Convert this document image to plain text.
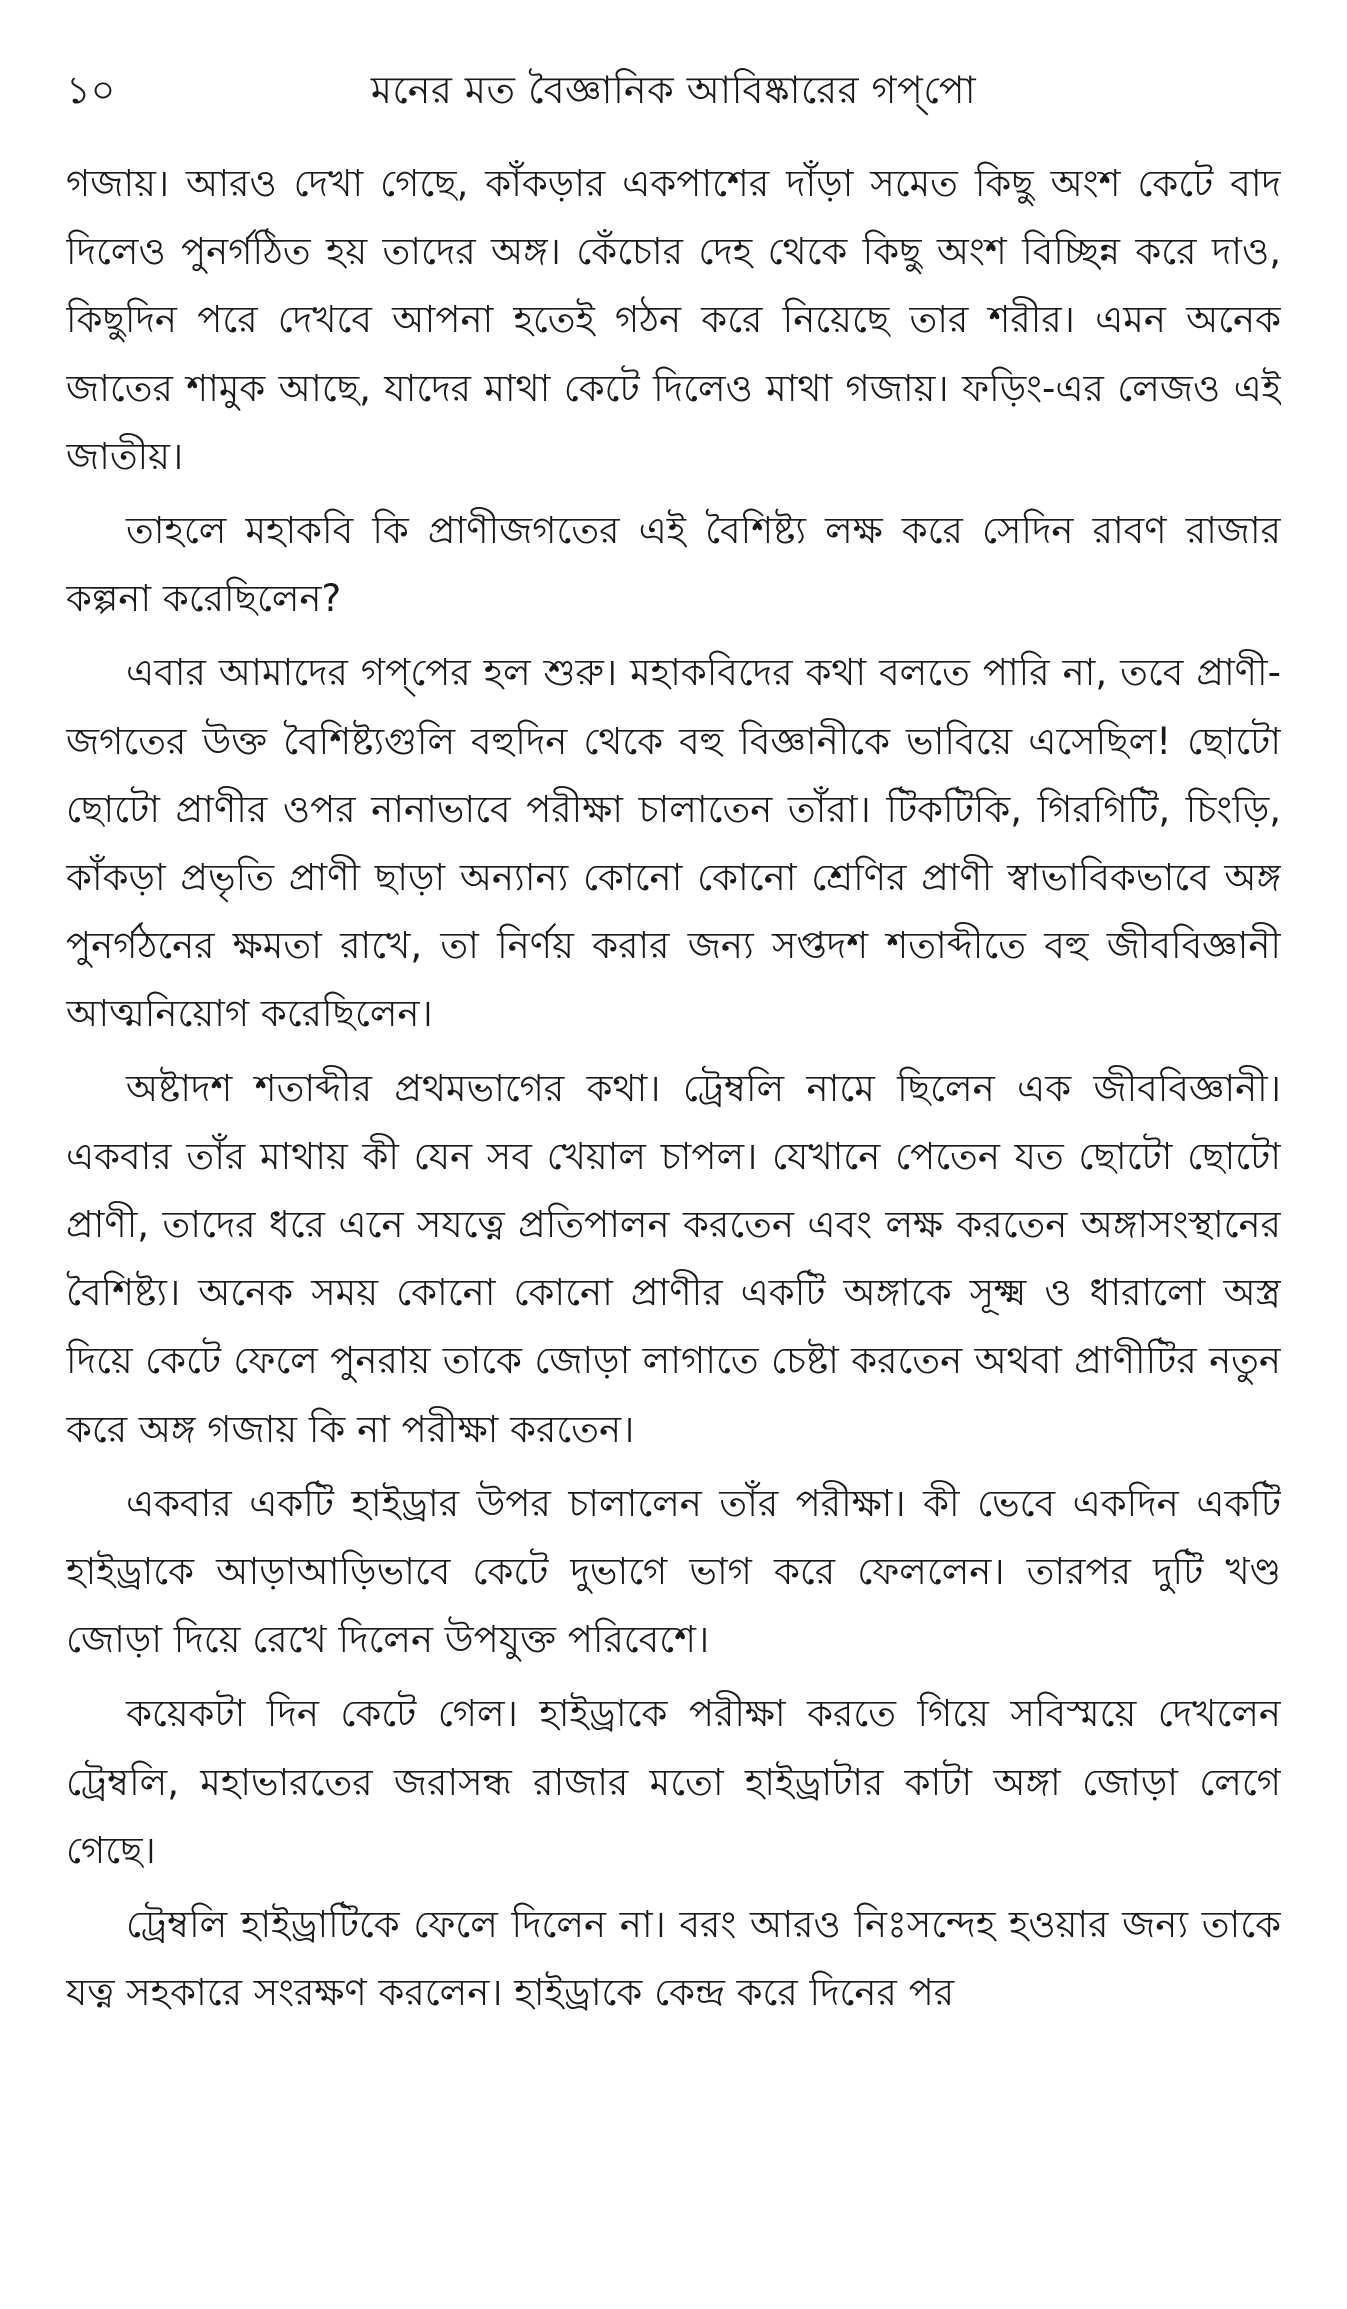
১০	মনের মত বৈজ্ঞানিক আবিষ্কারের গপ্‌পো

গজায়। আরও দেখা গেছে, কাঁকড়ার একপাশের দাঁড়া সমেত কিছু অংশ কেটে বাদ দিলেও পুনর্গঠিত হয় তাদের অঙ্গ। কেঁচোর দেহ থেকে কিছু অংশ বিচ্ছিন্ন করে দাও, কিছুদিন পরে দেখবে আপনা হতেই গঠন করে নিয়েছে তার শরীর। এমন অনেক জাতের শামুক আছে, যাদের মাথা কেটে দিলেও মাথা গজায়। ফড়িং-এর লেজও এই জাতীয়।

তাহলে মহাকবি কি প্রাণীজগতের এই বৈশিষ্ট্য লক্ষ করে সেদিন রাবণ রাজার কল্পনা করেছিলেন?

এবার আমাদের গপ্‌পের হল শুরু। মহাকবিদের কথা বলতে পারি না, তবে প্রাণী-জগতের উক্ত বৈশিষ্ট্যগুলি বহুদিন থেকে বহু বিজ্ঞানীকে ভাবিয়ে এসেছিল! ছোটো ছোটো প্রাণীর ওপর নানাভাবে পরীক্ষা চালাতেন তাঁরা। টিকটিকি, গিরগিটি, চিংড়ি, কাঁকড়া প্রভৃতি প্রাণী ছাড়া অন্যান্য কোনো কোনো শ্রেণির প্রাণী স্বাভাবিকভাবে অঙ্গ পুনর্গঠনের ক্ষমতা রাখে, তা নির্ণয় করার জন্য সপ্তদশ শতাব্দীতে বহু জীববিজ্ঞানী আত্মনিয়োগ করেছিলেন।

অষ্টাদশ শতাব্দীর প্রথমভাগের কথা। ট্রেম্বলি নামে ছিলেন এক জীববিজ্ঞানী। একবার তাঁর মাথায় কী যেন সব খেয়াল চাপল। যেখানে পেতেন যত ছোটো ছোটো প্রাণী, তাদের ধরে এনে সযত্নে প্রতিপালন করতেন এবং লক্ষ করতেন অঙ্গাসংস্থানের বৈশিষ্ট্য। অনেক সময় কোনো কোনো প্রাণীর একটি অঙ্গাকে সূক্ষ্ম ও ধারালো অস্ত্র দিয়ে কেটে ফেলে পুনরায় তাকে জোড়া লাগাতে চেষ্টা করতেন অথবা প্রাণীটির নতুন করে অঙ্গ গজায় কি না পরীক্ষা করতেন।

একবার একটি হাইড্রার উপর চালালেন তাঁর পরীক্ষা। কী ভেবে একদিন একটি হাইড্রাকে আড়াআড়িভাবে কেটে দুভাগে ভাগ করে ফেললেন। তারপর দুটি খণ্ড জোড়া দিয়ে রেখে দিলেন উপযুক্ত পরিবেশে।

কয়েকটা দিন কেটে গেল। হাইড্রাকে পরীক্ষা করতে গিয়ে সবিস্ময়ে দেখলেন ট্রেম্বলি, মহাভারতের জরাসন্ধ রাজার মতো হাইড্রাটার কাটা অঙ্গা জোড়া লেগে গেছে।

ট্রেম্বলি হাইড্রাটিকে ফেলে দিলেন না। বরং আরও নিঃসন্দেহ হওয়ার জন্য তাকে যত্ন সহকারে সংরক্ষণ করলেন। হাইড্রাকে কেন্দ্র করে দিনের পর
